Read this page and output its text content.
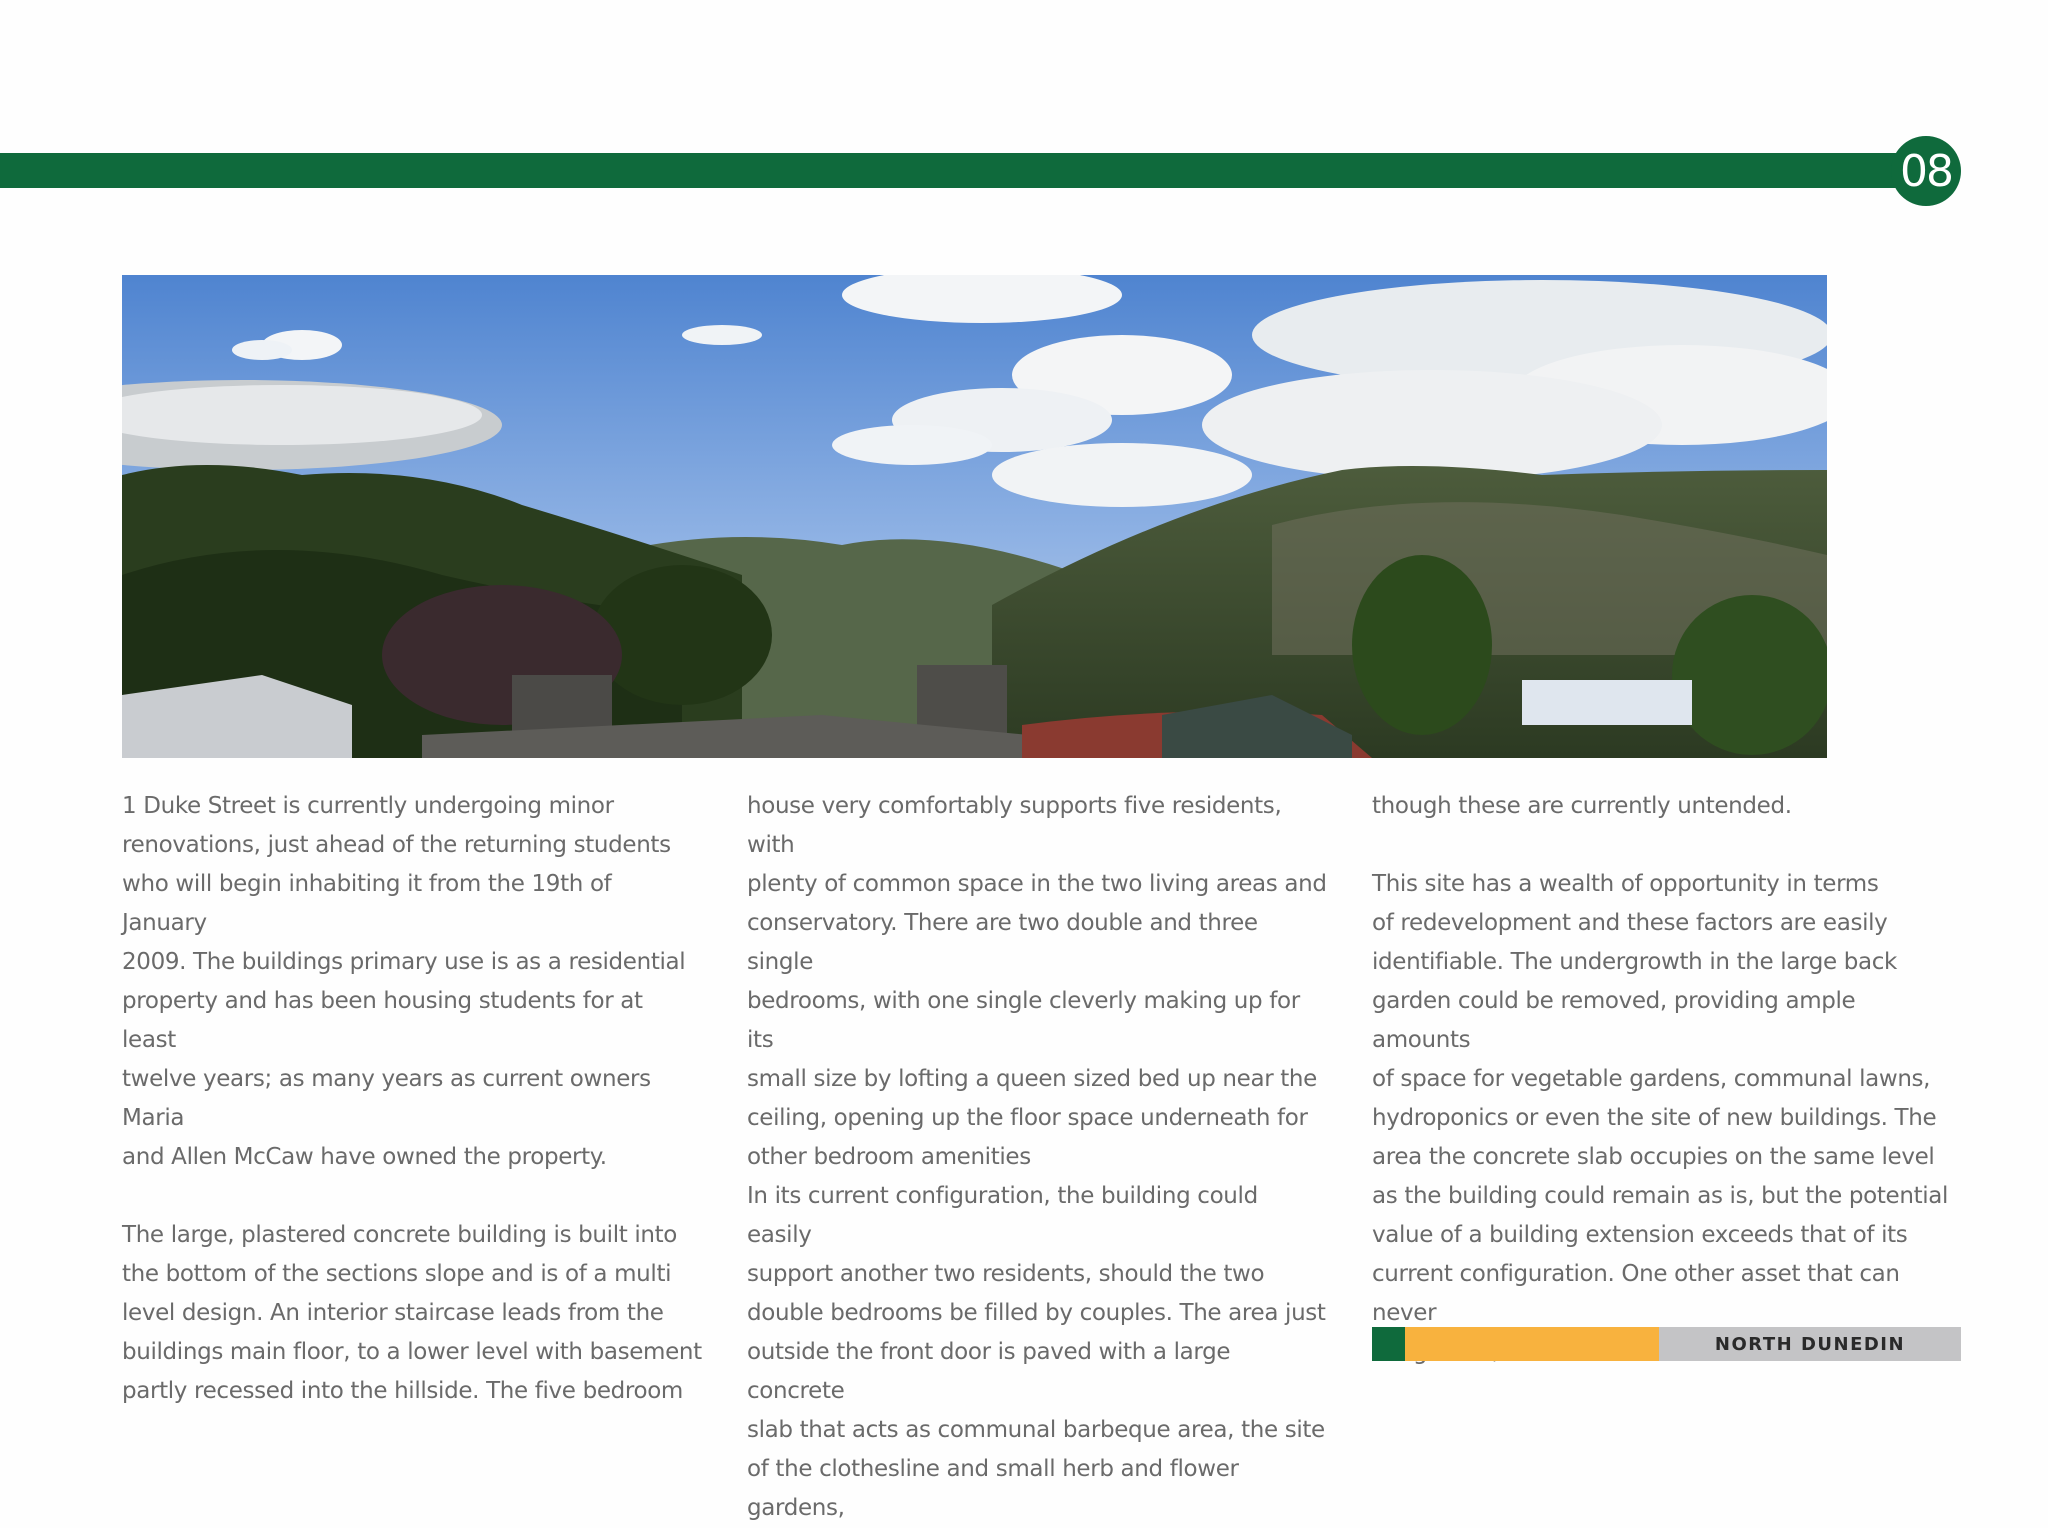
08

1 Duke Street is currently undergoing minor
renovations, just ahead of the returning students
who will begin inhabiting it from the 19th of January
2009. The buildings primary use is as a residential
property and has been housing students for at least
twelve years; as many years as current owners Maria
and Allen McCaw have owned the property.

The large, plastered concrete building is built into
the bottom of the sections slope and is of a multi
level design. An interior staircase leads from the
buildings main floor, to a lower level with basement
partly recessed into the hillside. The five bedroom

house very comfortably supports five residents, with
plenty of common space in the two living areas and
conservatory. There are two double and three single
bedrooms, with one single cleverly making up for its
small size by lofting a queen sized bed up near the
ceiling, opening up the floor space underneath for
other bedroom amenities
In its current configuration, the building could easily
support another two residents, should the two
double bedrooms be filled by couples. The area just
outside the front door is paved with a large concrete
slab that acts as communal barbeque area, the site
of the clothesline and small herb and flower gardens,

though these are currently untended.

This site has a wealth of opportunity in terms
of redevelopment and these factors are easily
identifiable. The undergrowth in the large back
garden could be removed, providing ample amounts
of space for vegetable gardens, communal lawns,
hydroponics or even the site of new buildings. The
area the concrete slab occupies on the same level
as the building could remain as is, but the potential
value of a building extension exceeds that of its
current configuration. One other asset that can never

NORTH DUNEDIN
